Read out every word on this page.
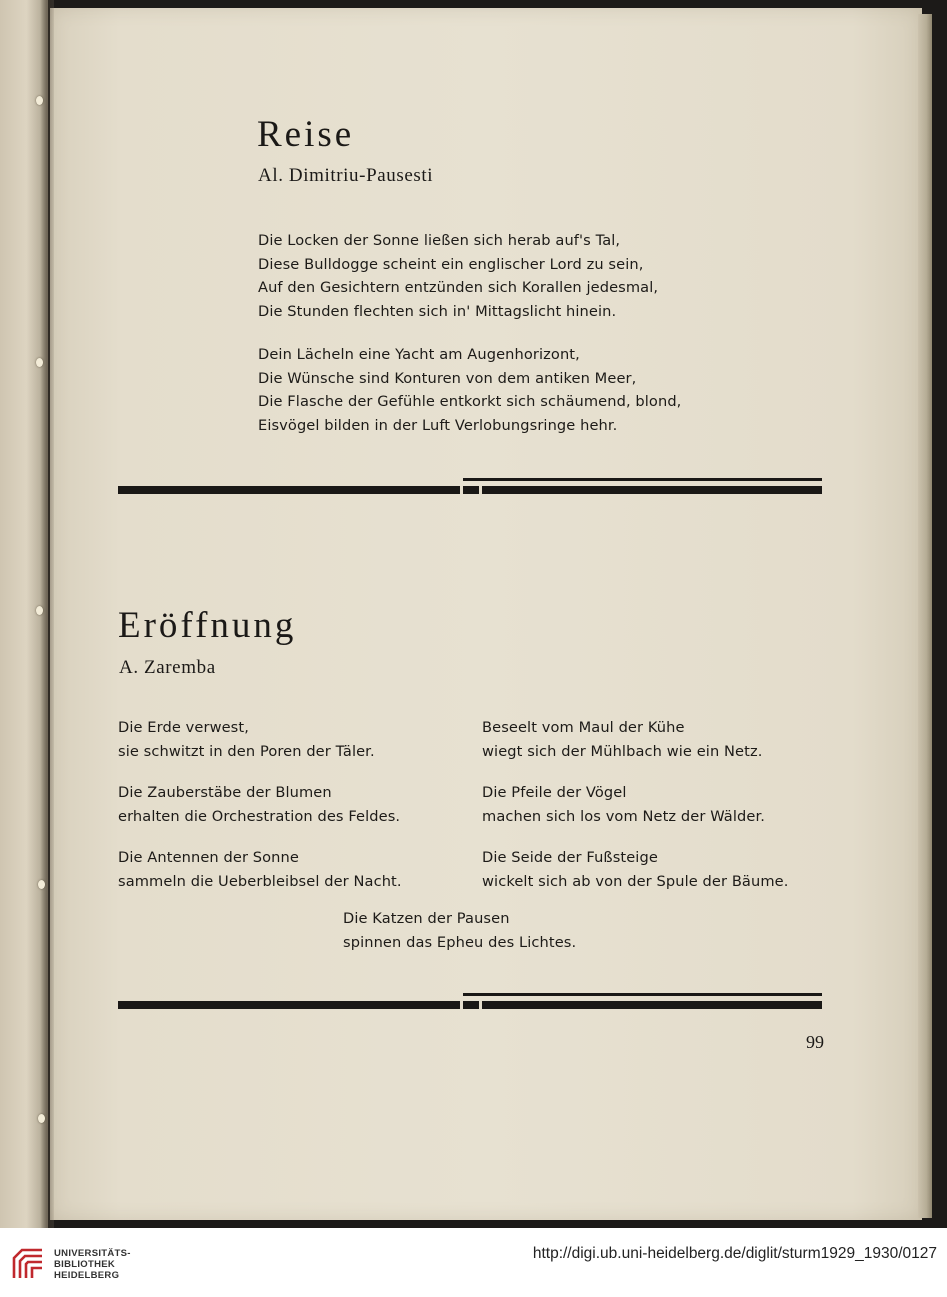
Reise

Al. Dimitriu-Pausesti

Die Locken der Sonne ließen sich herab auf's Tal,
Diese Bulldogge scheint ein englischer Lord zu sein,
Auf den Gesichtern entzünden sich Korallen jedesmal,
Die Stunden flechten sich in' Mittagslicht hinein.

Dein Lächeln eine Yacht am Augenhorizont,
Die Wünsche sind Konturen von dem antiken Meer,
Die Flasche der Gefühle entkorkt sich schäumend, blond,
Eisvögel bilden in der Luft Verlobungsringe hehr.

Eröffnung

A. Zaremba

Die Erde verwest,
sie schwitzt in den Poren der Täler.

Die Zauberstäbe der Blumen
erhalten die Orchestration des Feldes.

Die Antennen der Sonne
sammeln die Ueberbleibsel der Nacht.

Beseelt vom Maul der Kühe
wiegt sich der Mühlbach wie ein Netz.

Die Pfeile der Vögel
machen sich los vom Netz der Wälder.

Die Seide der Fußsteige
wickelt sich ab von der Spule der Bäume.

Die Katzen der Pausen
spinnen das Epheu des Lichtes.

99

UNIVERSITÄTS-
BIBLIOTHEK
HEIDELBERG
http://digi.ub.uni-heidelberg.de/diglit/sturm1929_1930/0127
